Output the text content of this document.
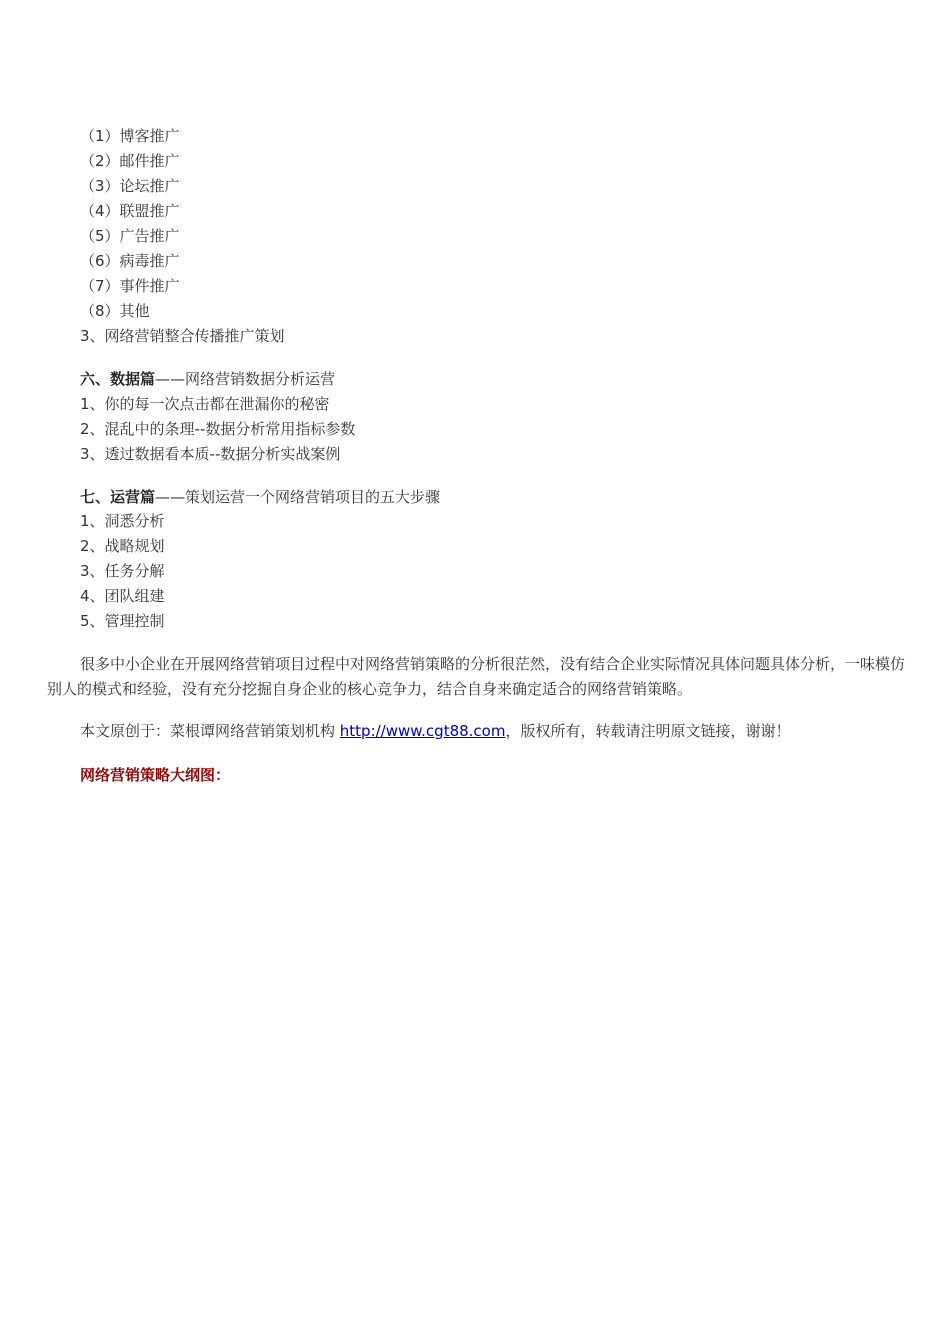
（1）博客推广
（2）邮件推广
（3）论坛推广
（4）联盟推广
（5）广告推广
（6）病毒推广
（7）事件推广
（8）其他
3、网络营销整合传播推广策划
六、数据篇——网络营销数据分析运营
1、你的每一次点击都在泄漏你的秘密
2、混乱中的条理--数据分析常用指标参数
3、透过数据看本质--数据分析实战案例
七、运营篇——策划运营一个网络营销项目的五大步骤
1、洞悉分析
2、战略规划
3、任务分解
4、团队组建
5、管理控制
很多中小企业在开展网络营销项目过程中对网络营销策略的分析很茫然，没有结合企业实际情况具体问题具体分析，一味模仿别人的模式和经验，没有充分挖掘自身企业的核心竞争力，结合自身来确定适合的网络营销策略。
本文原创于：菜根谭网络营销策划机构 http://www.cgt88.com，版权所有，转载请注明原文链接，谢谢！
网络营销策略大纲图：
